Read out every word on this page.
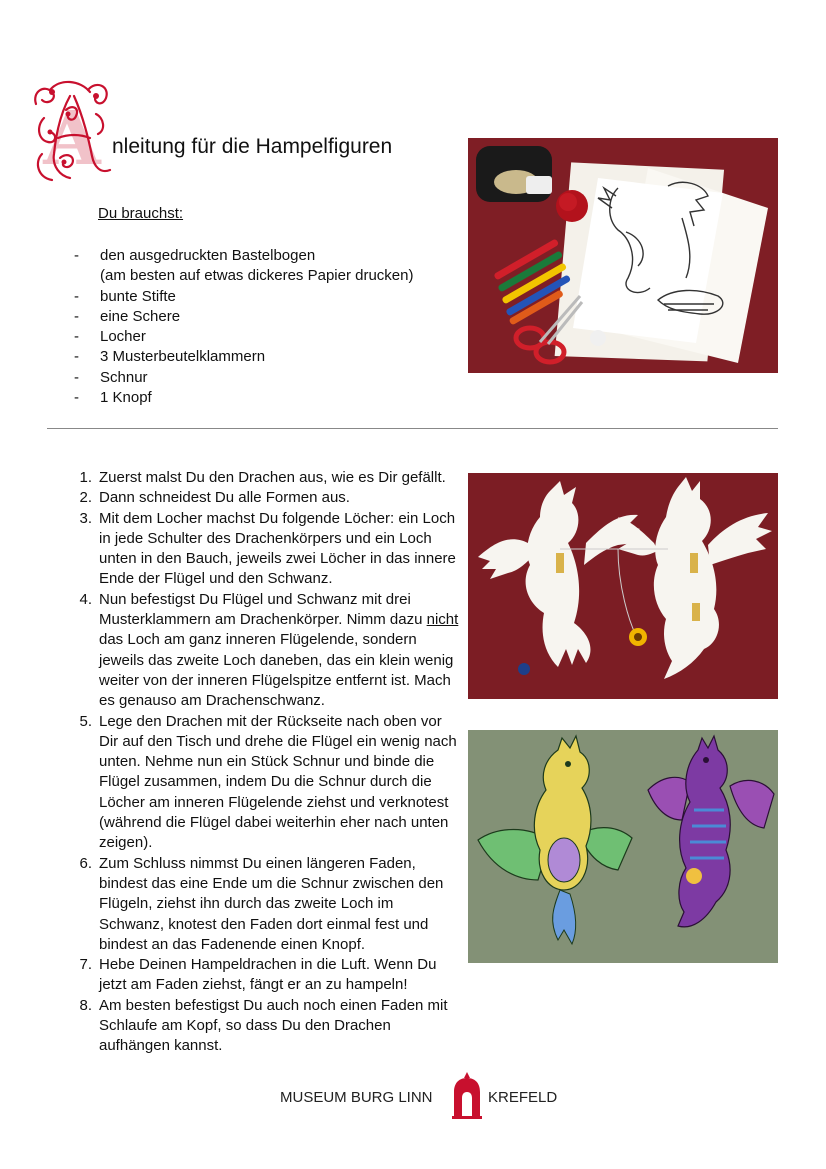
A nleitung für die Hampelfiguren
Du brauchst:
- den ausgedruckten Bastelbogen
(am besten auf etwas dickeres Papier drucken)
- bunte Stifte
- eine Schere
- Locher
- 3 Musterbeutelklammern
- Schnur
- 1 Knopf
1. Zuerst malst Du den Drachen aus, wie es Dir gefällt.
2. Dann schneidest Du alle Formen aus.
3. Mit dem Locher machst Du folgende Löcher: ein Loch in jede Schulter des Drachenkörpers und ein Loch unten in den Bauch, jeweils zwei Löcher in das innere Ende der Flügel und den Schwanz.
4. Nun befestigst Du Flügel und Schwanz mit drei Musterklammern am Drachenkörper. Nimm dazu nicht das Loch am ganz inneren Flügelende, sondern jeweils das zweite Loch daneben, das ein klein wenig weiter von der inneren Flügelspitze entfernt ist. Mach es genauso am Drachenschwanz.
5. Lege den Drachen mit der Rückseite nach oben vor Dir auf den Tisch und drehe die Flügel ein wenig nach unten. Nehme nun ein Stück Schnur und binde die Flügel zusammen, indem Du die Schnur durch die Löcher am inneren Flügelende ziehst und verknotest (während die Flügel dabei weiterhin eher nach unten zeigen).
6. Zum Schluss nimmst Du einen längeren Faden, bindest das eine Ende um die Schnur zwischen den Flügeln, ziehst ihn durch das zweite Loch im Schwanz, knotest den Faden dort einmal fest und bindest an das Fadenende einen Knopf.
7. Hebe Deinen Hampeldrachen in die Luft. Wenn Du jetzt am Faden ziehst, fängt er an zu hampeln!
8. Am besten befestigst Du auch noch einen Faden mit Schlaufe am Kopf, so dass Du den Drachen aufhängen kannst.
MUSEUM BURG LINN	KREFELD
